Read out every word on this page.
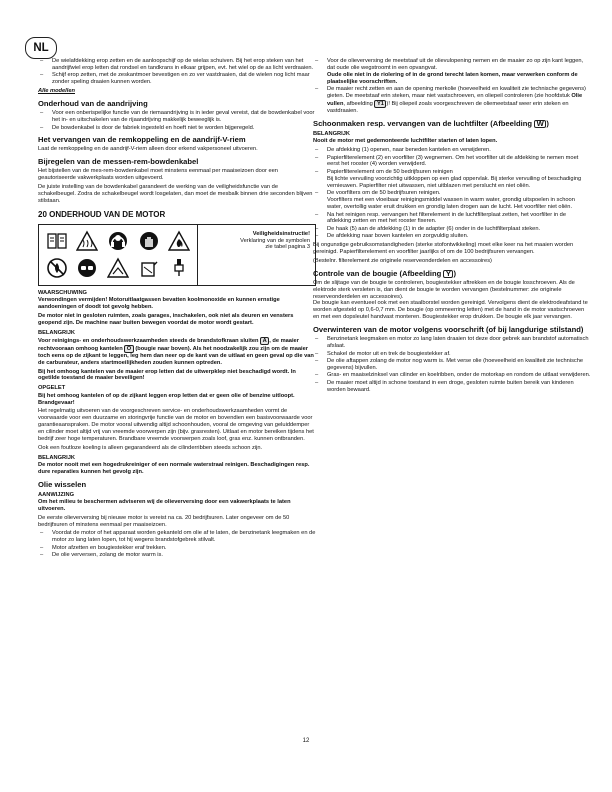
NL
– De wielafdekking erop zetten en de aanloopschijf op de wielas schuiven. Bij het erop steken van het aandrijfwiel erop letten dat rondsel en tandkrans in elkaar grijpen, evt. het wiel op de as licht verdraaien.
– Schijf erop zetten, met de zeskantmoer bevestigen en zo ver vastdraaien, dat de wielen nog licht maar zonder speling draaien kunnen worden.
Alle modellen
Onderhoud van de aandrijving
– Voor een onberispelijke functie van de riemaandrijving is in ieder geval vereist, dat de bowdenkabel voor het in- en uitschakelen van de rijaandrijving makkelijk beweeglijk is.
– De bowdenkabel is door de fabriek ingesteld en hoeft niet te worden bijgeregeld.
Het vervangen van de remkoppeling en de aandrijf-V-riem

Laat de remkoppeling en de aandrijf-V-riem alleen door erkend vakpersoneel uitvoeren.

Bijregelen van de messen-rem-bowdenkabel

Het bijstellen van de mes-rem-bowdenkabel moet minstens eenmaal per maaiseizoen door een geautoriseerde vakwerkplaats worden uitgevoerd.

De juiste instelling van de bowdenkabel garandeert de werking van de veiligheidsfunctie van de schakelbeugel. Zodra de schakelbeugel wordt losgelaten, dan moet de mesbalk binnen drie seconden blijven stilstaan.

20 ONDERHOUD VAN DE MOTOR
Veiligheidsinstructie!
Verklaring van de symbolen
zie tabel pagina 3
WAARSCHUWING

Verwondingen vermijden! Motoruitlaatgassen bevatten koolmonoxide en kunnen ernstige aandoeningen of doodt tot gevolg hebben.

De motor niet in gesloten ruimten, zoals garages, inschakelen, ook niet als deuren en vensters geopend zijn. De machine naar buiten bewegen voordat de motor wordt gestart.

BELANGRIJK

Voor reinigings- en onderhoudswerkzaamheden steeds de brandstofkraan sluiten A , de maaier rechtvooraan omhoog kantelen O (bougie naar boven). Als het noodzakelijk zou zijn om de maaier toch eens op de zijkant te leggen, leg hem dan neer op de kant van de uitlaat en geen geval op die van de carburateur, anders startmoeilijkheden zouden kunnen optreden.

Bij het omhoog kantelen van de maaier erop letten dat de uitwerpklep niet beschadigd wordt. In ogetilde toestand de maaier beveiligen!

OPGELET

Bij het omhoog kantelen of op de zijkant leggen erop letten dat er geen olie of benzine uitloopt. Brandgevaar!

Het regelmatig uitvoeren van de voorgeschreven service- en onderhoudswerkzaamheden vormt de voorwaarde voor een duurzame en storingvrije functie van de motor en bovendien een basisvoorwaarde voor garantieaanspraken. De motor vooral uitwendig altijd schoonhouden, vooral de omgeving van geluiddemper en cilinder moet altijd vrij van vreemde voorwerpen zijn (bijv. grasresten). Uitlaat en motor bereiken tijdens het bedrijf zeer hoge temperaturen. Brandbare vreemde voorwerpen zoals loof, gras enz. kunnen ontbranden.

Ook een foutloze koeling is alleen gegarandeerd als de cilinderribben steeds schoon zijn.

BELANGRIJK

De motor nooit met een hogedrukreiniger of een normale waterstraal reinigen. Beschadigingen resp. dure reparaties kunnen het gevolg zijn.

Olie wisselen
AANWIJZING

Om het milieu te beschermen adviseren wij de olieverversing door een vakwerkplaats te laten uitvoeren.

De eerste olieverversing bij nieuwe motor is vereist na ca. 20 bedrijfsuren. Later ongeveer om de 50 bedrijfsuren of minstens eenmaal per maaiseizoen.

– Voordat de motor of het apparaat worden gekanteld om olie af te laten, de benzinetank leegmaken en de motor zo lang laten lopen, tot hij wegens brandstofgebrek stilvalt.
– Motor afzetten en bougiestekker eraf trekken.
– De olie verversen, zolang de motor warm is.
– Voor de olieverversing de meetstaaf uit de olievulopening nemen en de maaier zo op zijn kant leggen, dat oude olie wegstroomt in een opvangvat.
Oude olie niet in de riolering of in de grond terecht laten komen, maar verwerken conform de plaatselijke voorschriften.
– De maaier recht zetten en aan de opening merkolie (hoeveelheid en kwaliteit zie technische gegevens) gieten. De meetstaaf erin steken, maar niet vastschroeven, en oliepeil controleren (zie hoofdstuk Olie vullen, afbeelding Y1 )! Bij oliepeil zoals voorgeschreven de oliemeetstaaf weer erin steken en vastdraaien.
Schoonmaken resp. vervangen van de luchtfilter (Afbeelding W )
BELANGRIJK

Nooit de motor met gedemonteerde luchtfilter starten of laten lopen.

– De afdekking (1) openen, naar beneden kantelen en verwijderen.
– Papierfilterelement (2) en voorfilter (3) wegnemen. Om het voorfilter uit de afdekking te nemen moet eerst het rooster (4) worden verwijderd.
– Papierfilterelement om de 50 bedrijfsuren reinigen
Bij lichte vervuiling voorzichtig uitkloppen op een glad oppervlak. Bij sterke vervuiling of beschadiging vernieuwen. Papierfilter niet uitwassen, niet uitblazen met perslucht en niet oliën.
– De voorfilters om de 50 bedrijfsuren reinigen.
Voorfilters met een vloeibaar reinigingsmiddel wassen in warm water, grondig uitspoelen in schoon water, overtollig water eruit drukken en grondig laten drogen aan de lucht. Het voorfilter niet oliën.
– Na het reinigen resp. vervangen het filterelement in de luchtfilterplaat zetten, het voorfilter in de afdekking zetten en met het rooster fixeren.
– De haak (5) aan de afdekking (1) in de adapter (6) onder in de luchtfilterplaat steken.
– De afdekking naar boven kantelen en zorgvuldig sluiten.

Bij ongunstige gebruiksomstandigheden (sterke stofontwikkeling) moet elke keer na het maaien worden gereinigd. Papierfilterelement en voorfilter jaarlijks of om de 100 bedrijfsuren vervangen.

(Bestelnr. filterelement zie originele reserveonderdelen en accessoires)

Controle van de bougie (Afbeelding Y )

Om de slijtage van de bougie te controleren, bougiestekker aftrekken en de bougie losschroeven. Als de elektrode sterk versleten is, dan dient de bougie te worden vervangen (bestelnummer: zie originele reserveonderdelen en accessoires).
De bougie kan eventueel ook met een staalborstel worden gereinigd. Vervolgens dient de elektrodeafstand te worden afgesteld op 0,6-0,7 mm. De bougie (op ommeerring letten) met de hand in de motor vastschroeven en met een dopsleutel handvast monteren. Bougiestekker erop drukken. De bougie elk jaar vervangen.

Overwinteren van de motor volgens voorschrift (of bij langdurige stilstand)
– Benzinetank leegmaken en motor zo lang laten draaien tot deze door gebrek aan brandstof automatisch afslaat.
– Schakel de motor uit en trek de bougiestekker af.
– De olie aftappen zolang de motor nog warm is. Met verse olie (hoeveelheid en kwaliteit zie technische gegevens) bijvullen.
– Gras- en maaiselzinksel van cilinder en koelribben, onder de motorkap en rondom de uitlaat verwijderen.
– De maaier moet altijd in schone toestand in een droge, gesloten ruimte buiten bereik van kinderen worden bewaard.
12
